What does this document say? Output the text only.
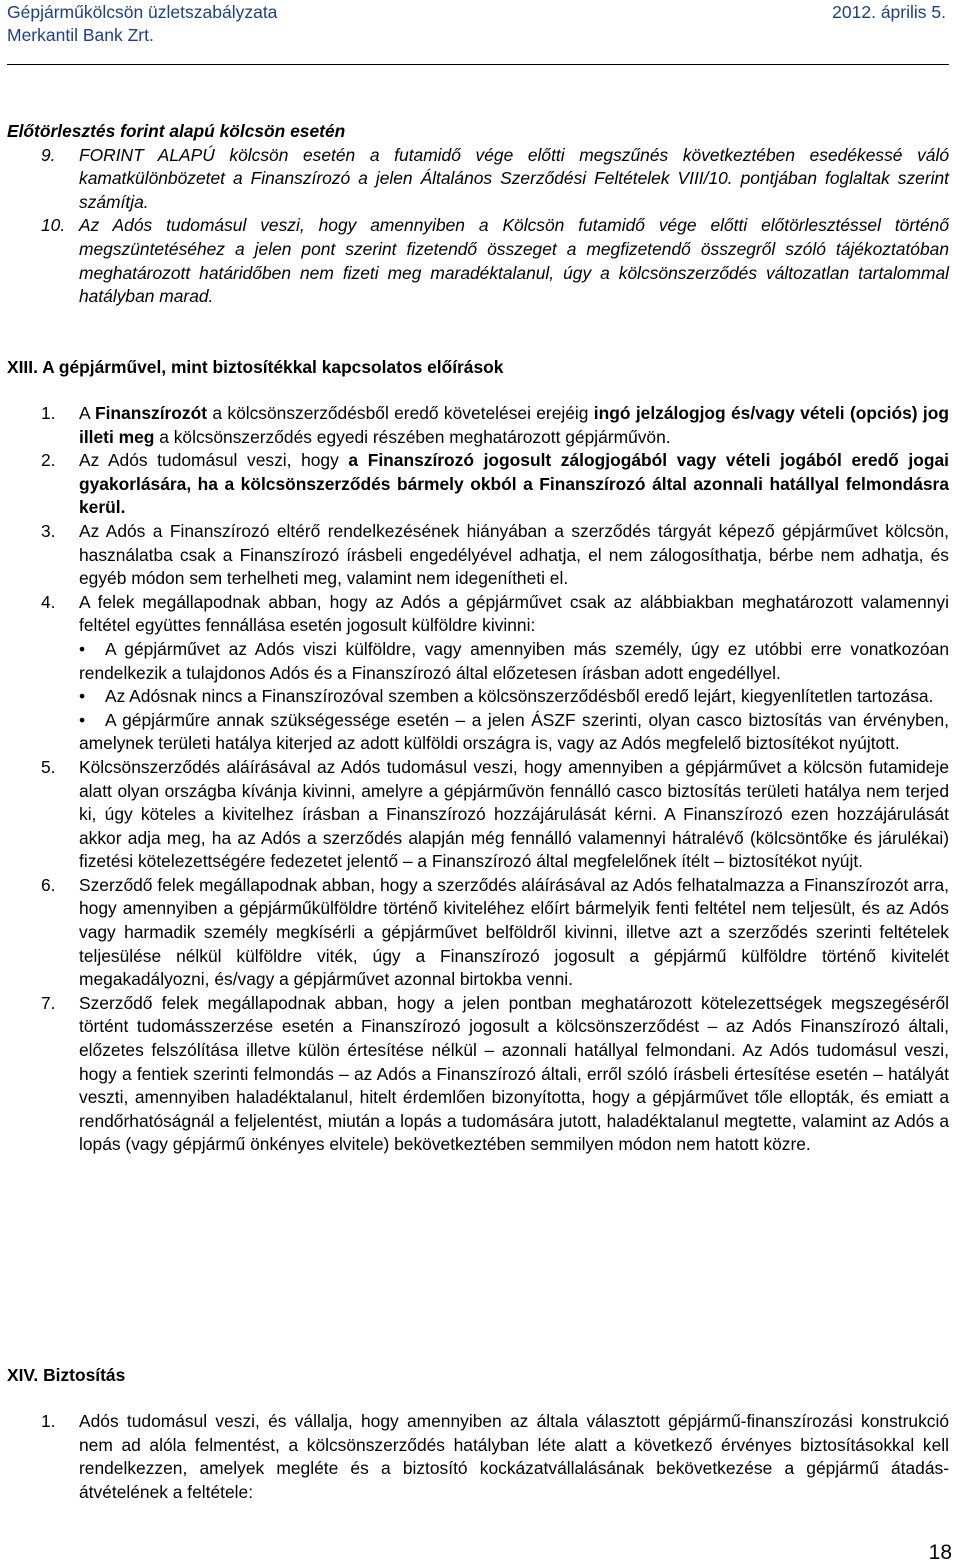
Gépjárműkölcsön üzletszabályzata	2012. április 5.
Merkantil Bank Zrt.
Előtörlesztés forint alapú kölcsön esetén
9. FORINT ALAPÚ kölcsön esetén a futamidő vége előtti megszűnés következtében esedékessé váló kamatkülönbözetet a Finanszírozó a jelen Általános Szerződési Feltételek VIII/10. pontjában foglaltak szerint számítja.
10. Az Adós tudomásul veszi, hogy amennyiben a Kölcsön futamidő vége előtti előtörlesztéssel történő megszüntetéséhez a jelen pont szerint fizetendő összeget a megfizetendő összegről szóló tájékoztatóban meghatározott határidőben nem fizeti meg maradéktalanul, úgy a kölcsönszerződés változatlan tartalommal hatályban marad.
XIII. A gépjárművel, mint biztosítékkal kapcsolatos előírások
1. A Finanszírozót a kölcsönszerződésből eredő követelései erejéig ingó jelzálogjog és/vagy vételi (opciós) jog illeti meg a kölcsönszerződés egyedi részében meghatározott gépjárművön.
2. Az Adós tudomásul veszi, hogy a Finanszírozó jogosult zálogjogából vagy vételi jogából eredő jogai gyakorlására, ha a kölcsönszerződés bármely okból a Finanszírozó által azonnali hatállyal felmondásra kerül.
3. Az Adós a Finanszírozó eltérő rendelkezésének hiányában a szerződés tárgyát képező gépjárművet kölcsön, használatba csak a Finanszírozó írásbeli engedélyével adhatja, el nem zálogosíthatja, bérbe nem adhatja, és egyéb módon sem terhelheti meg, valamint nem idegenítheti el.
4. A felek megállapodnak abban, hogy az Adós a gépjárművet csak az alábbiakban meghatározott valamennyi feltétel együttes fennállása esetén jogosult külföldre kivinni:
• A gépjárművet az Adós viszi külföldre, vagy amennyiben más személy, úgy ez utóbbi erre vonatkozóan rendelkezik a tulajdonos Adós és a Finanszírozó által előzetesen írásban adott engedéllyel.
• Az Adósnak nincs a Finanszírozóval szemben a kölcsönszerződésből eredő lejárt, kiegyenlítetlen tartozása.
• A gépjárműre annak szükségessége esetén – a jelen ÁSZF szerinti, olyan casco biztosítás van érvényben, amelynek területi hatálya kiterjed az adott külföldi országra is, vagy az Adós megfelelő biztosítékot nyújtott.
5. Kölcsönszerződés aláírásával az Adós tudomásul veszi, hogy amennyiben a gépjárművet a kölcsön futamideje alatt olyan országba kívánja kivinni, amelyre a gépjárművön fennálló casco biztosítás területi hatálya nem terjed ki, úgy köteles a kivitelhez írásban a Finanszírozó hozzájárulását kérni. A Finanszírozó ezen hozzájárulását akkor adja meg, ha az Adós a szerződés alapján még fennálló valamennyi hátralévő (kölcsöntőke és járulékai) fizetési kötelezettségére fedezetet jelentő – a Finanszírozó által megfelelőnek ítélt – biztosítékot nyújt.
6. Szerződő felek megállapodnak abban, hogy a szerződés aláírásával az Adós felhatalmazza a Finanszírozót arra, hogy amennyiben a gépjárműkülföldre történő kiviteléhez előírt bármelyik fenti feltétel nem teljesült, és az Adós vagy harmadik személy megkísérli a gépjárművet belföldről kivinni, illetve azt a szerződés szerinti feltételek teljesülése nélkül külföldre viték, úgy a Finanszírozó jogosult a gépjármű külföldre történő kivitelét megakadályozni, és/vagy a gépjárművet azonnal birtokba venni.
7. Szerződő felek megállapodnak abban, hogy a jelen pontban meghatározott kötelezettségek megszegéséről történt tudomásszerzése esetén a Finanszírozó jogosult a kölcsönszerződést – az Adós Finanszírozó általi, előzetes felszólítása illetve külön értesítése nélkül – azonnali hatállyal felmondani. Az Adós tudomásul veszi, hogy a fentiek szerinti felmondás – az Adós a Finanszírozó általi, erről szóló írásbeli értesítése esetén – hatályát veszti, amennyiben haladéktalanul, hitelt érdemlően bizonyította, hogy a gépjárművet tőle ellopták, és emiatt a rendőrhatóságnál a feljelentést, miután a lopás a tudomására jutott, haladéktalanul megtette, valamint az Adós a lopás (vagy gépjármű önkényes elvitele) bekövetkeztében semmilyen módon nem hatott közre.
XIV. Biztosítás
1. Adós tudomásul veszi, és vállalja, hogy amennyiben az általa választott gépjármű-finanszírozási konstrukció nem ad alóla felmentést, a kölcsönszerződés hatályban léte alatt a következő érvényes biztosításokkal kell rendelkezzen, amelyek megléte és a biztosító kockázatvállalásának bekövetkezése a gépjármű átadás-átvételének a feltétele:
18
